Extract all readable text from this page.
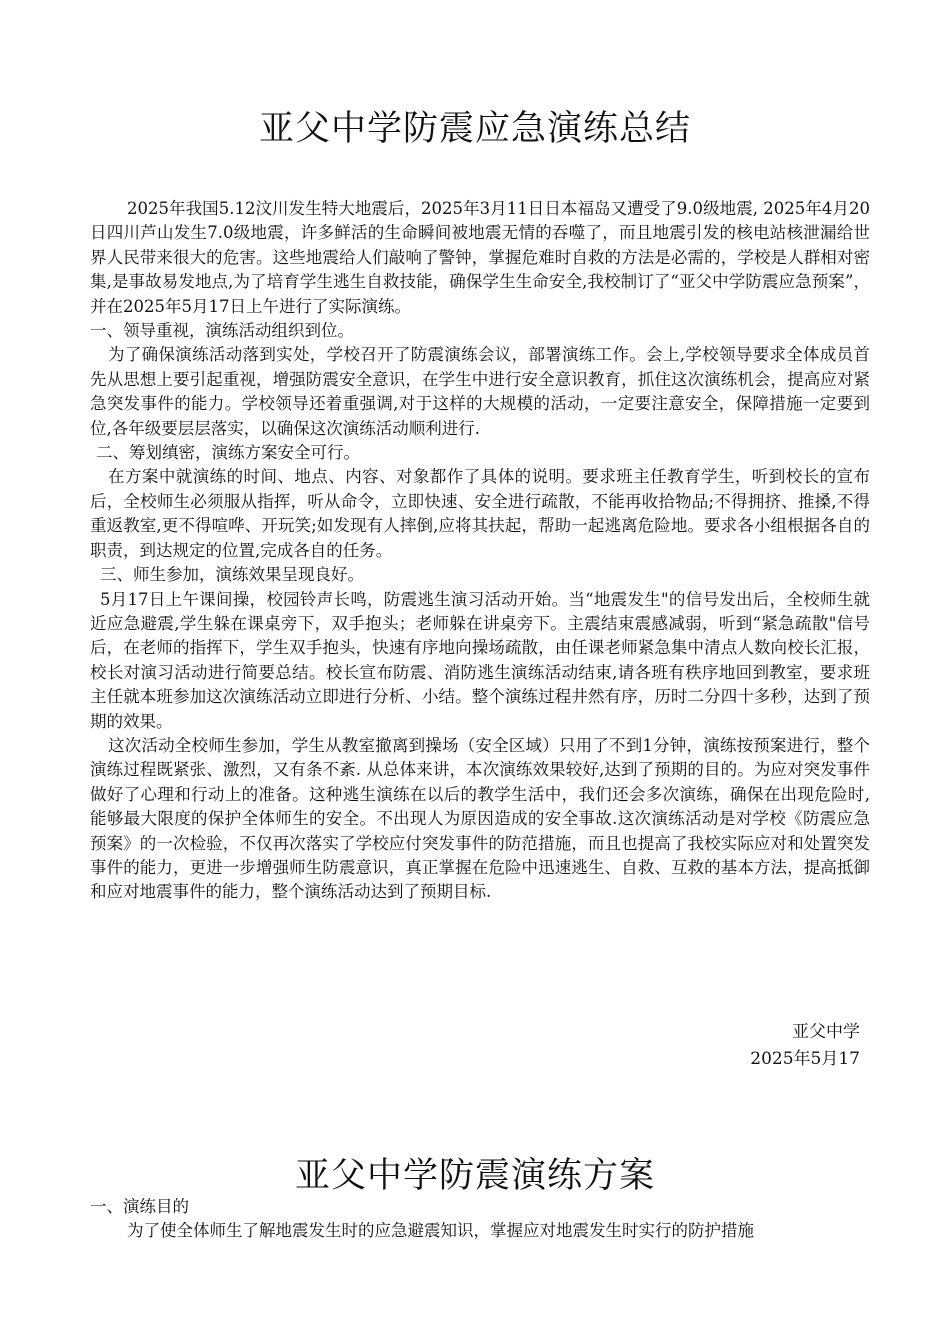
亚父中学防震应急演练总结

2025年我国5.12汶川发生特大地震后，2025年3月11日日本福岛又遭受了9.0级地震, 2025年4月20日四川芦山发生7.0级地震，许多鲜活的生命瞬间被地震无情的吞噬了，而且地震引发的核电站核泄漏给世界人民带来很大的危害。这些地震给人们敲响了警钟，掌握危难时自救的方法是必需的，学校是人群相对密集,是事故易发地点,为了培育学生逃生自救技能，确保学生生命安全,我校制订了“亚父中学防震应急预案”，并在2025年5月17日上午进行了实际演练。

一、领导重视，演练活动组织到位。

为了确保演练活动落到实处，学校召开了防震演练会议，部署演练工作。会上,学校领导要求全体成员首先从思想上要引起重视，增强防震安全意识，在学生中进行安全意识教育，抓住这次演练机会，提高应对紧急突发事件的能力。学校领导还着重强调,对于这样的大规模的活动，一定要注意安全，保障措施一定要到位,各年级要层层落实，以确保这次演练活动顺利进行.

二、筹划缜密，演练方案安全可行。

在方案中就演练的时间、地点、内容、对象都作了具体的说明。要求班主任教育学生，听到校长的宣布后，全校师生必须服从指挥，听从命令，立即快速、安全进行疏散，不能再收拾物品;不得拥挤、推搡,不得重返教室,更不得喧哗、开玩笑;如发现有人摔倒,应将其扶起，帮助一起逃离危险地。要求各小组根据各自的职责，到达规定的位置,完成各自的任务。

三、师生参加，演练效果呈现良好。

5月17日上午课间操，校园铃声长鸣，防震逃生演习活动开始。当“地震发生"的信号发出后，全校师生就近应急避震,学生躲在课桌旁下，双手抱头；老师躲在讲桌旁下。主震结束震感减弱，听到“紧急疏散"信号后，在老师的指挥下，学生双手抱头，快速有序地向操场疏散，由任课老师紧急集中清点人数向校长汇报，校长对演习活动进行简要总结。校长宣布防震、消防逃生演练活动结束,请各班有秩序地回到教室，要求班主任就本班参加这次演练活动立即进行分析、小结。整个演练过程井然有序，历时二分四十多秒，达到了预期的效果。

这次活动全校师生参加，学生从教室撤离到操场（安全区域）只用了不到1分钟，演练按预案进行，整个演练过程既紧张、激烈，又有条不紊. 从总体来讲，本次演练效果较好,达到了预期的目的。为应对突发事件做好了心理和行动上的准备。这种逃生演练在以后的教学生活中，我们还会多次演练，确保在出现危险时,能够最大限度的保护全体师生的安全。不出现人为原因造成的安全事故.这次演练活动是对学校《防震应急预案》的一次检验，不仅再次落实了学校应付突发事件的防范措施，而且也提高了我校实际应对和处置突发事件的能力，更进一步增强师生防震意识，真正掌握在危险中迅速逃生、自救、互救的基本方法，提高抵御和应对地震事件的能力，整个演练活动达到了预期目标.

亚父中学
2025年5月17
亚父中学防震演练方案

一、演练目的

为了使全体师生了解地震发生时的应急避震知识，掌握应对地震发生时实行的防护措施
